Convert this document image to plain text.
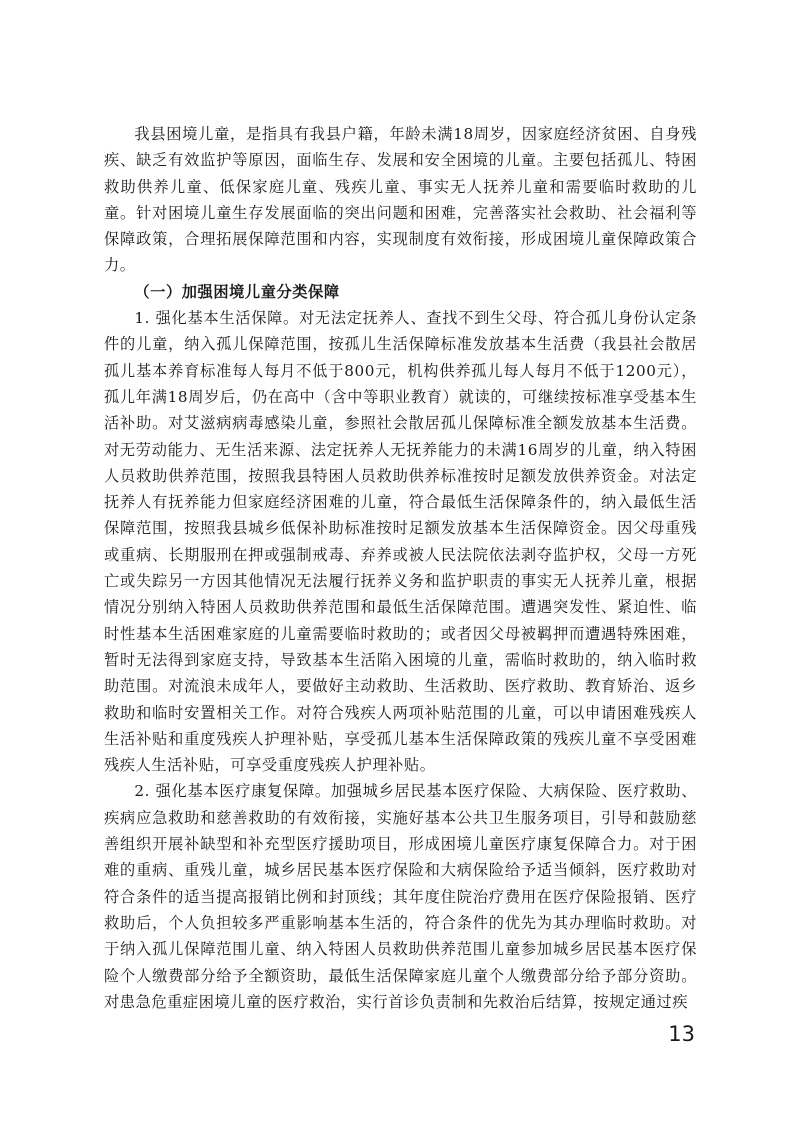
我县困境儿童，是指具有我县户籍，年龄未满18周岁，因家庭经济贫困、自身残疾、缺乏有效监护等原因，面临生存、发展和安全困境的儿童。主要包括孤儿、特困救助供养儿童、低保家庭儿童、残疾儿童、事实无人抚养儿童和需要临时救助的儿童。针对困境儿童生存发展面临的突出问题和困难，完善落实社会救助、社会福利等保障政策，合理拓展保障范围和内容，实现制度有效衔接，形成困境儿童保障政策合力。

（一）加强困境儿童分类保障

1. 强化基本生活保障。对无法定抚养人、查找不到生父母、符合孤儿身份认定条件的儿童，纳入孤儿保障范围，按孤儿生活保障标准发放基本生活费（我县社会散居孤儿基本养育标准每人每月不低于800元，机构供养孤儿每人每月不低于1200元），孤儿年满18周岁后，仍在高中（含中等职业教育）就读的，可继续按标准享受基本生活补助。对艾滋病病毒感染儿童，参照社会散居孤儿保障标准全额发放基本生活费。对无劳动能力、无生活来源、法定抚养人无抚养能力的未满16周岁的儿童，纳入特困人员救助供养范围，按照我县特困人员救助供养标准按时足额发放供养资金。对法定抚养人有抚养能力但家庭经济困难的儿童，符合最低生活保障条件的，纳入最低生活保障范围，按照我县城乡低保补助标准按时足额发放基本生活保障资金。因父母重残或重病、长期服刑在押或强制戒毒、弃养或被人民法院依法剥夺监护权，父母一方死亡或失踪另一方因其他情况无法履行抚养义务和监护职责的事实无人抚养儿童，根据情况分别纳入特困人员救助供养范围和最低生活保障范围。遭遇突发性、紧迫性、临时性基本生活困难家庭的儿童需要临时救助的；或者因父母被羁押而遭遇特殊困难，暂时无法得到家庭支持，导致基本生活陷入困境的儿童，需临时救助的，纳入临时救助范围。对流浪未成年人，要做好主动救助、生活救助、医疗救助、教育矫治、返乡救助和临时安置相关工作。对符合残疾人两项补贴范围的儿童，可以申请困难残疾人生活补贴和重度残疾人护理补贴，享受孤儿基本生活保障政策的残疾儿童不享受困难残疾人生活补贴，可享受重度残疾人护理补贴。

2. 强化基本医疗康复保障。加强城乡居民基本医疗保险、大病保险、医疗救助、疾病应急救助和慈善救助的有效衔接，实施好基本公共卫生服务项目，引导和鼓励慈善组织开展补缺型和补充型医疗援助项目，形成困境儿童医疗康复保障合力。对于困难的重病、重残儿童，城乡居民基本医疗保险和大病保险给予适当倾斜，医疗救助对符合条件的适当提高报销比例和封顶线；其年度住院治疗费用在医疗保险报销、医疗救助后，个人负担较多严重影响基本生活的，符合条件的优先为其办理临时救助。对于纳入孤儿保障范围儿童、纳入特困人员救助供养范围儿童参加城乡居民基本医疗保险个人缴费部分给予全额资助，最低生活保障家庭儿童个人缴费部分给予部分资助。对患急危重症困境儿童的医疗救治，实行首诊负责制和先救治后结算，按规定通过疾

13
